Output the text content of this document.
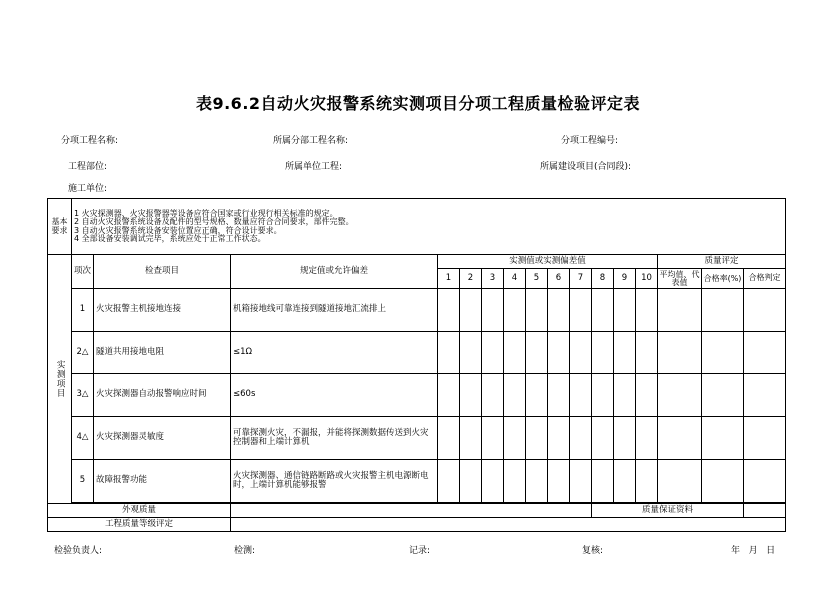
表9.6.2自动火灾报警系统实测项目分项工程质量检验评定表
分项工程名称:	所属分部工程名称:	分项工程编号:
工程部位:	所属单位工程:	所属建设项目(合同段):
施工单位:
基本要求	1 火灾探测器、火灾报警器等设备应符合国家或行业现行相关标准的规定。
2 自动火灾报警系统设备及配件的型号规格、数量应符合合同要求，部件完整。
3 自动火灾报警系统设备安装位置应正确，符合设计要求。
4 全部设备安装调试完毕，系统应处于正常工作状态。															

实测项目	项次	检查项目	规定值或允许偏差	实测值或实测偏差值										质量评定		
				1	2	3	4	5	6	7	8	9	10	平均值、代表值	合格率(%)	合格判定
	1	火灾报警主机接地连接	机箱接地线可靠连接到隧道接地汇流排上													
	2△	隧道共用接地电阻	≤1Ω													
	3△	火灾探测器自动报警响应时间	≤60s													
	4△	火灾探测器灵敏度	可靠探测火灾，不漏报，并能将探测数据传送到火灾控制器和上端计算机													
	5	故障报警功能	火灾探测器、通信链路断路或火灾报警主机电源断电时，上端计算机能够报警													

外观质量											质量保证资料					
工程质量等级评定																
检验负责人:	检测:	记录:	复核:	年   月   日
